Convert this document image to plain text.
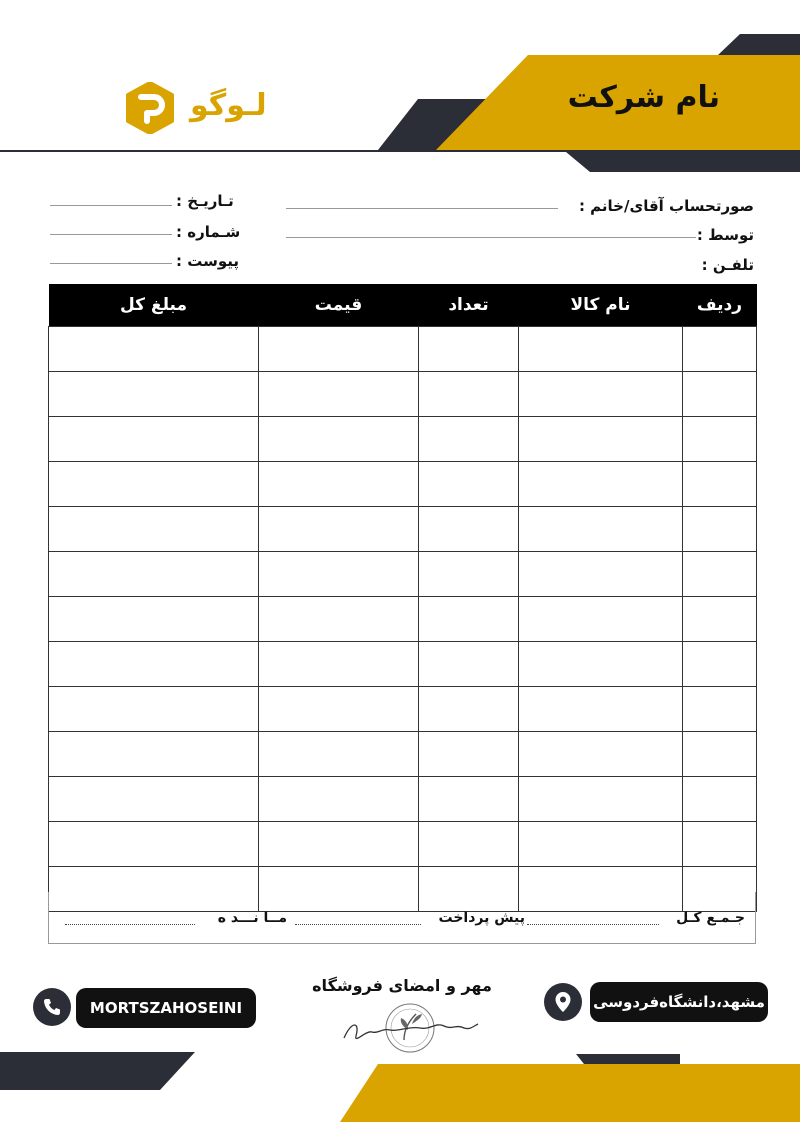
نام شرکت
لـوگو
صورتحساب آقای/خانم :
توسط :
تلفـن :
تـاریـخ :
شـماره :
پیوست :
مبلغ کل	قیمت	تعداد	نام کالا	ردیف

جـمـع کـل
پیش پرداخت
مــا نـــد ه
مشهد،دانشگاه‌فردوسی
MORTSZAHOSEINI
مهر و امضای فروشگاه
